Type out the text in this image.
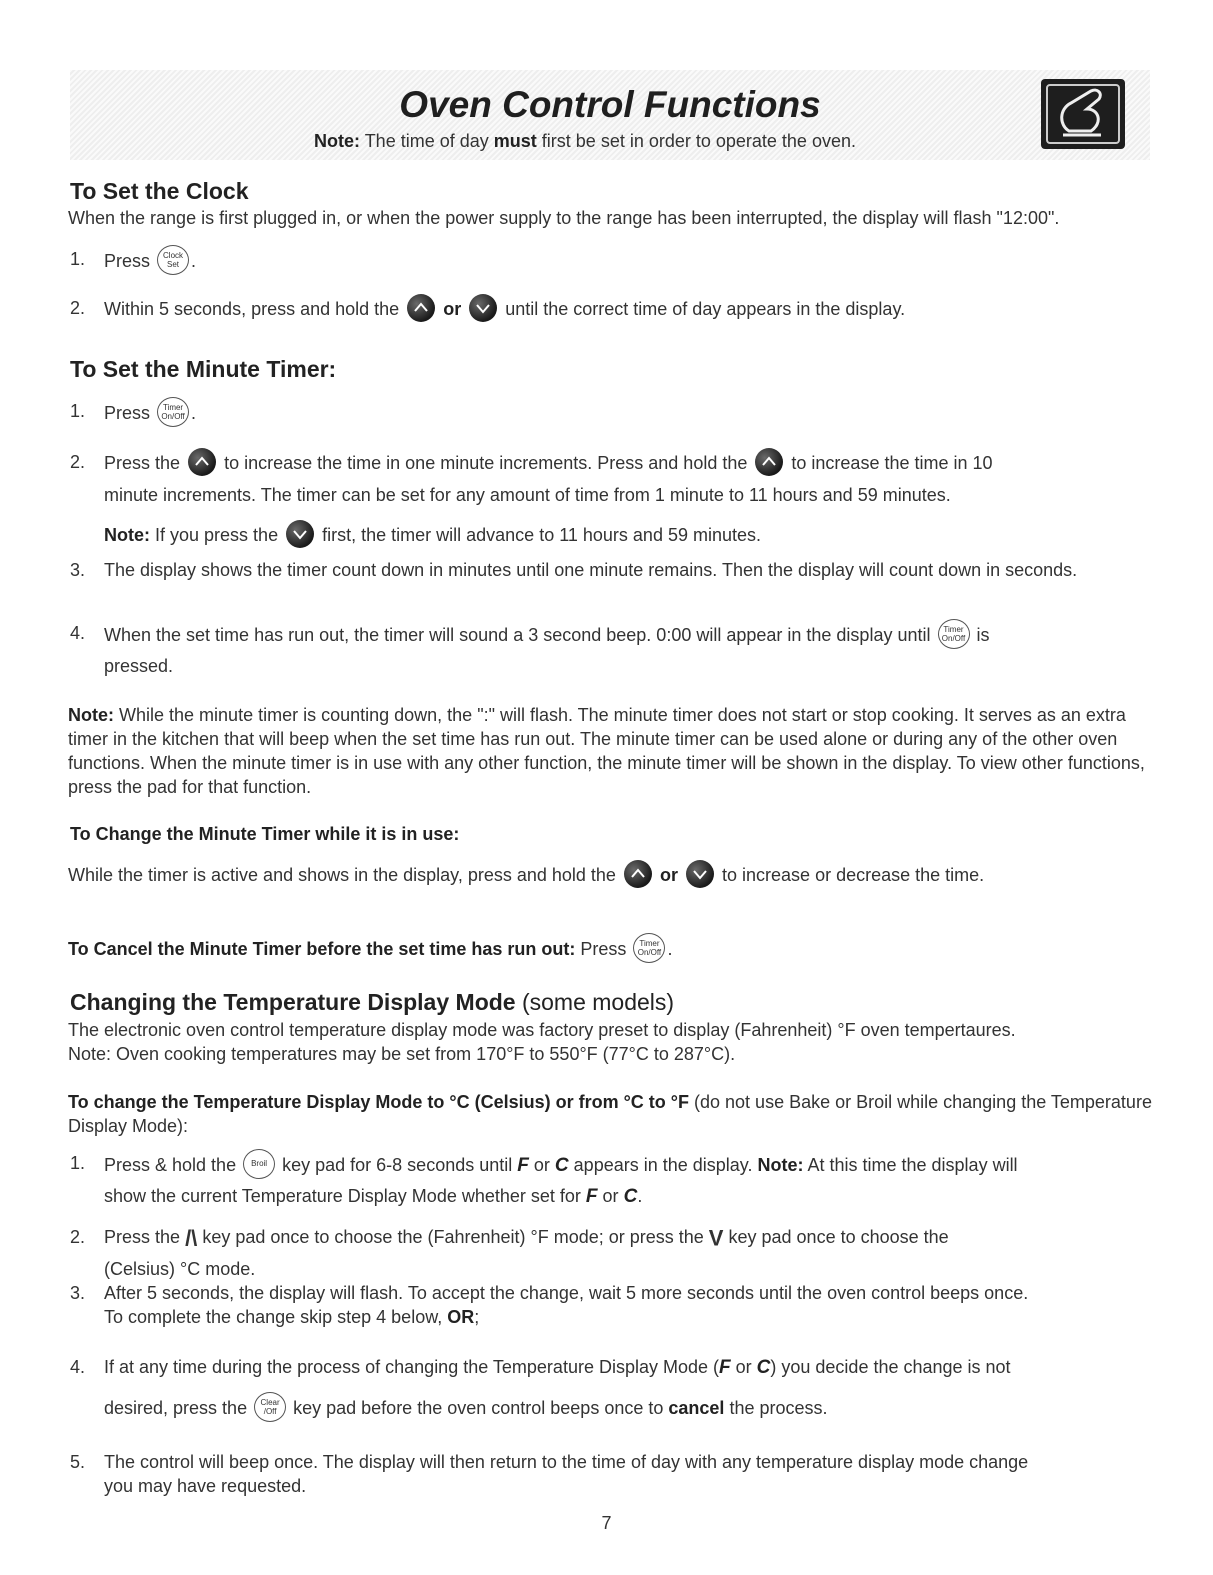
Oven Control Functions
Note: The time of day must first be set in order to operate the oven.
To Set the Clock
When the range is first plugged in, or when the power supply to the range has been interrupted, the display will flash "12:00".
1. Press	Clock
Set .
2. Within 5 seconds, press and hold the or until the correct time of day appears in the display.
To Set the Minute Timer:
1. Press	Timer
On/Off .
2. Press the to increase the time in one minute increments. Press and hold the to increase the time in 10
minute increments. The timer can be set for any amount of time from 1 minute to 11 hours and 59 minutes.
Note: If you press the first, the timer will advance to 11 hours and 59 minutes.
3. The display shows the timer count down in minutes until one minute remains. Then the display will count down in seconds.
4. When the set time has run out, the timer will sound a 3 second beep. 0:00 will appear in the display until	Timer
On/Off is
pressed.
Note: While the minute timer is counting down, the ":" will flash. The minute timer does not start or stop cooking. It serves as an extra timer in the kitchen that will beep when the set time has run out. The minute timer can be used alone or during any of the other oven functions. When the minute timer is in use with any other function, the minute timer will be shown in the display. To view other functions, press the pad for that function.
To Change the Minute Timer while it is in use:
While the timer is active and shows in the display, press and hold the or to increase or decrease the time.
To Cancel the Minute Timer before the set time has run out: Press	Timer
On/Off .
Changing the Temperature Display Mode (some models)
The electronic oven control temperature display mode was factory preset to display (Fahrenheit) °F oven tempertaures.
Note: Oven cooking temperatures may be set from 170°F to 550°F (77°C to 287°C).
To change the Temperature Display Mode to °C (Celsius) or from °C to °F (do not use Bake or Broil while changing the Temperature Display Mode):
1. Press & hold the	Broil key pad for 6-8 seconds until F or C appears in the display. Note: At this time the display will
show the current Temperature Display Mode whether set for F or C.
2. Press the /\ key pad once to choose the (Fahrenheit) °F mode; or press the V key pad once to choose the
(Celsius) °C mode.
3. After 5 seconds, the display will flash. To accept the change, wait 5 more seconds until the oven control beeps once.
To complete the change skip step 4 below, OR;
4. If at any time during the process of changing the Temperature Display Mode (F or C) you decide the change is not
desired, press the	Clear
/Off key pad before the oven control beeps once to cancel the process.
5. The control will beep once. The display will then return to the time of day with any temperature display mode change
you may have requested.
7
